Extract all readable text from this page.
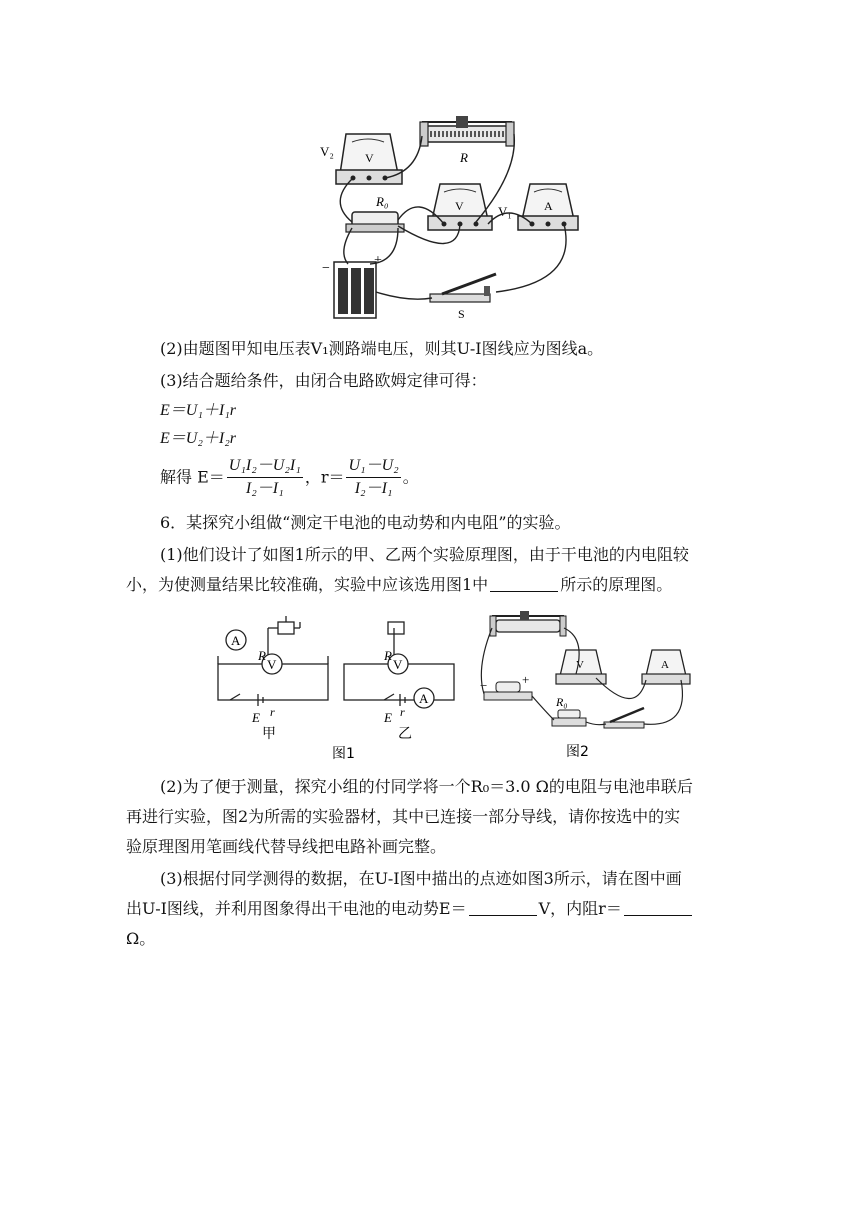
V
V₂	R
R₀	V	V₁	A
−
+
S
(2)由题图甲知电压表V₁测路端电压，则其U-I图线应为图线a。
(3)结合题给条件，由闭合电路欧姆定律可得：
E＝U₁＋I₁r
E＝U₂＋I₂r
解得 $E= \frac{\text{U₁I₂－U₂I₁}}{\text{I₂－I₁}}$ ，$r= \frac{\text{U₁－U₂}}{\text{I₂－I₁}}$ 。
6．某探究小组做“测定干电池的电动势和内电阻”的实验。
(1)他们设计了如图1所示的甲、乙两个实验原理图，由于干电池的内电阻较
小，为使测量结果比较准确，实验中应该选用图1中	所示的原理图。
A
V	V
A
R	R
E r	E r
甲	乙
图1
V	A
−	+
R₀
图2
(2)为了便于测量，探究小组的付同学将一个R₀＝3.0 Ω的电阻与电池串联后
再进行实验，图2为所需的实验器材，其中已连接一部分导线，请你按选中的实
验原理图用笔画线代替导线把电路补画完整。
(3)根据付同学测得的数据，在U-I图中描出的点迹如图3所示，请在图中画
出U-I图线，并利用图象得出干电池的电动势E＝	V，内阻r＝
Ω。
